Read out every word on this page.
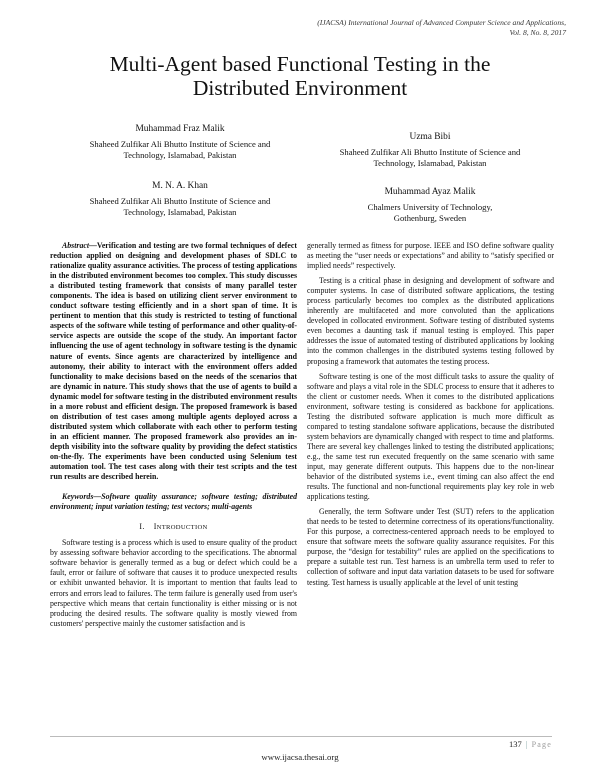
(IJACSA) International Journal of Advanced Computer Science and Applications,
Vol. 8, No. 8, 2017
Multi-Agent based Functional Testing in the
Distributed Environment
Muhammad Fraz Malik
Shaheed Zulfikar Ali Bhutto Institute of Science and
Technology, Islamabad, Pakistan
M. N. A. Khan
Shaheed Zulfikar Ali Bhutto Institute of Science and
Technology, Islamabad, Pakistan
Uzma Bibi
Shaheed Zulfikar Ali Bhutto Institute of Science and
Technology, Islamabad, Pakistan
Muhammad Ayaz Malik
Chalmers University of Technology,
Gothenburg, Sweden

Abstract—Verification and testing are two formal techniques of defect reduction applied on designing and development phases of SDLC to rationalize quality assurance activities. The process of testing applications in the distributed environment becomes too complex. This study discusses a distributed testing framework that consists of many parallel tester components. The idea is based on utilizing client server environment to conduct software testing efficiently and in a short span of time. It is pertinent to mention that this study is restricted to testing of functional aspects of the software while testing of performance and other quality-of-service aspects are outside the scope of the study. An important factor influencing the use of agent technology in software testing is the dynamic nature of events. Since agents are characterized by intelligence and autonomy, their ability to interact with the environment offers added functionality to make decisions based on the needs of the scenarios that are dynamic in nature. This study shows that the use of agents to build a dynamic model for software testing in the distributed environment results in a more robust and efficient design. The proposed framework is based on distribution of test cases among multiple agents deployed across a distributed system which collaborate with each other to perform testing in an efficient manner. The proposed framework also provides an in-depth visibility into the software quality by providing the defect statistics on-the-fly. The experiments have been conducted using Selenium test automation tool. The test cases along with their test scripts and the test run results are described herein.

Keywords—Software quality assurance; software testing; distributed environment; input variation testing; test vectors; multi-agents

I. INTRODUCTION

Software testing is a process which is used to ensure quality of the product by assessing software behavior according to the specifications. The abnormal software behavior is generally termed as a bug or defect which could be a fault, error or failure of software that causes it to produce unexpected results or exhibit unwanted behavior. It is important to mention that faults lead to errors and errors lead to failures. The term failure is generally used from user's perspective which means that certain functionality is either missing or is not producing the desired results. The software quality is mostly viewed from customers' perspective mainly the customer satisfaction and is

generally termed as fitness for purpose. IEEE and ISO define software quality as meeting the “user needs or expectations” and ability to “satisfy specified or implied needs” respectively.

Testing is a critical phase in designing and development of software and computer systems. In case of distributed software applications, the testing process particularly becomes too complex as the distributed applications inherently are multifaceted and more convoluted than the applications developed in collocated environment. Software testing of distributed systems even becomes a daunting task if manual testing is employed. This paper addresses the issue of automated testing of distributed applications by looking into the common challenges in the distributed systems testing followed by proposing a framework that automates the testing process.

Software testing is one of the most difficult tasks to assure the quality of software and plays a vital role in the SDLC process to ensure that it adheres to the client or customer needs. When it comes to the distributed applications environment, software testing is considered as backbone for applications. Testing the distributed software application is much more difficult as compared to testing standalone software applications, because the distributed system behaviors are dynamically changed with respect to time and platforms. There are several key challenges linked to testing the distributed applications; e.g., the same test run executed frequently on the same scenario with same input, may generate different outputs. This happens due to the non-linear behavior of the distributed systems i.e., event timing can also affect the end results. The functional and non-functional requirements play key role in web applications testing.

Generally, the term Software under Test (SUT) refers to the application that needs to be tested to determine correctness of its operations/functionality. For this purpose, a correctness-centered approach needs to be employed to ensure that software meets the software quality assurance requisites. For this purpose, the “design for testability” rules are applied on the specifications to prepare a suitable test run. Test harness is an umbrella term used to refer to collection of software and input data variation datasets to be used for software testing. Test harness is usually applicable at the level of unit testing

137 | Page
www.ijacsa.thesai.org
